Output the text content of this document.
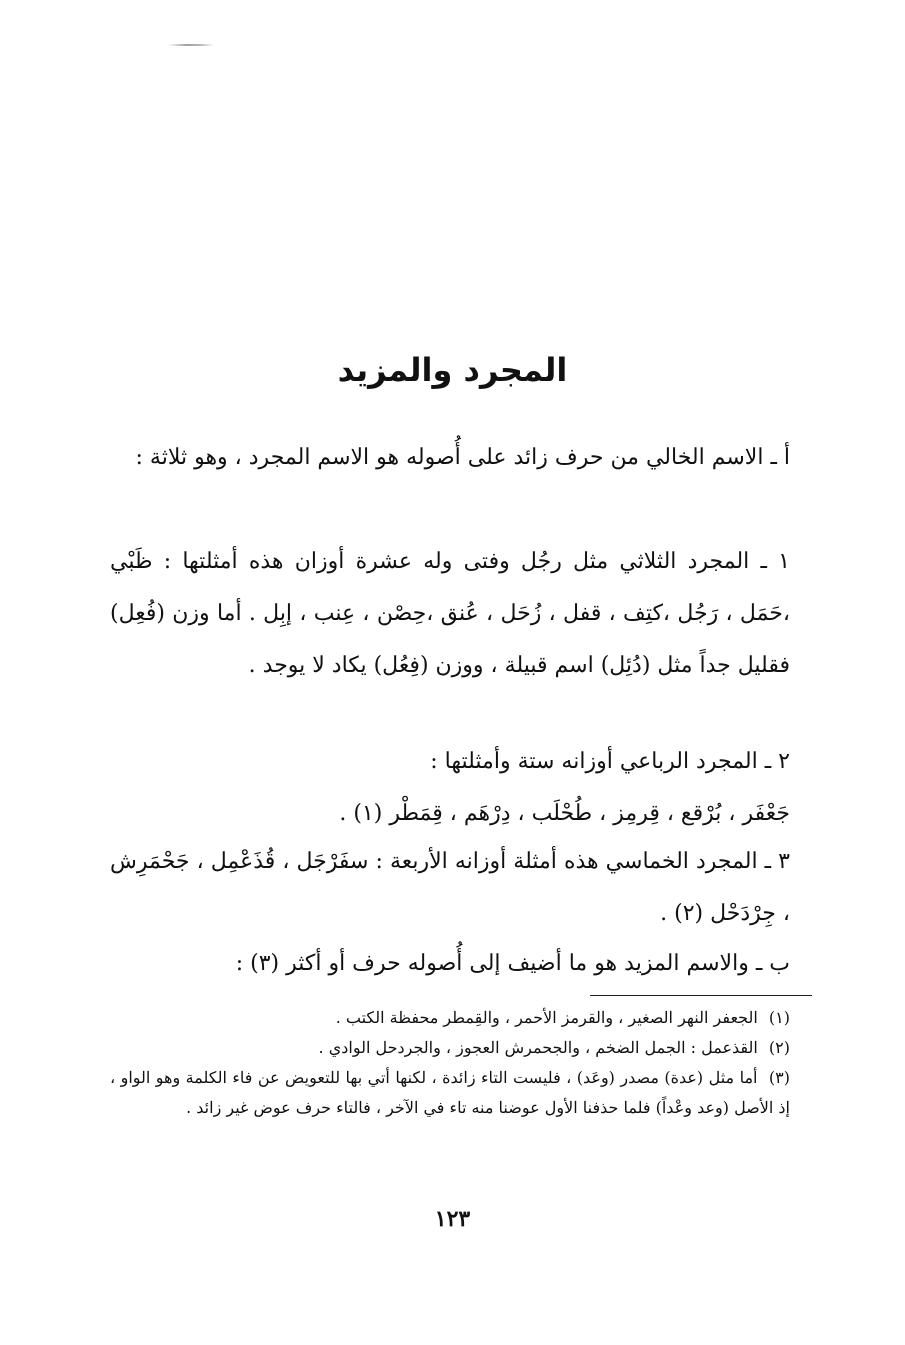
المجرد والمزيد

أ ـ الاسم الخالي من حرف زائد على أُصوله هو الاسم المجرد ، وهو ثلاثة :

١ ـ المجرد الثلاثي مثل رجُل وفتى وله عشرة أوزان هذه أمثلتها : ظَبْي ،حَمَل ، رَجُل ،كتِف ، قفل ، زُحَل ، عُنق ،حِصْن ، عِنب ، إبِل . أما وزن (فُعِل) فقليل جداً مثل (دُئِل) اسم قبيلة ، ووزن (فِعُل) يكاد لا يوجد .

٢ ـ المجرد الرباعي أوزانه ستة وأمثلتها :

جَعْفَر ، بُرْقع ، قِرمِز ، طُحْلَب ، دِرْهَم ، قِمَطْر (١) .

٣ ـ المجرد الخماسي هذه أمثلة أوزانه الأربعة : سفَرْجَل ، قُذَعْمِل ، جَحْمَرِش ، جِرْدَحْل (٢) .

ب ـ والاسم المزيد هو ما أضيف إلى أُصوله حرف أو أكثر (٣) :

(١) الجعفر النهر الصغير ، والقرمز الأحمر ، والقِمطر محفظة الكتب .

(٢) القذعمل : الجمل الضخم ، والجحمرش العجوز ، والجردحل الوادي .

(٣) أما مثل (عدة) مصدر (وعَد) ، فليست التاء زائدة ، لكنها أتي بها للتعويض عن فاء الكلمة وهو الواو ، إذ الأصل (وعد وعْداً) فلما حذفنا الأول عوضنا منه تاء في الآخر ، فالتاء حرف عوض غير زائد .

١٢٣
